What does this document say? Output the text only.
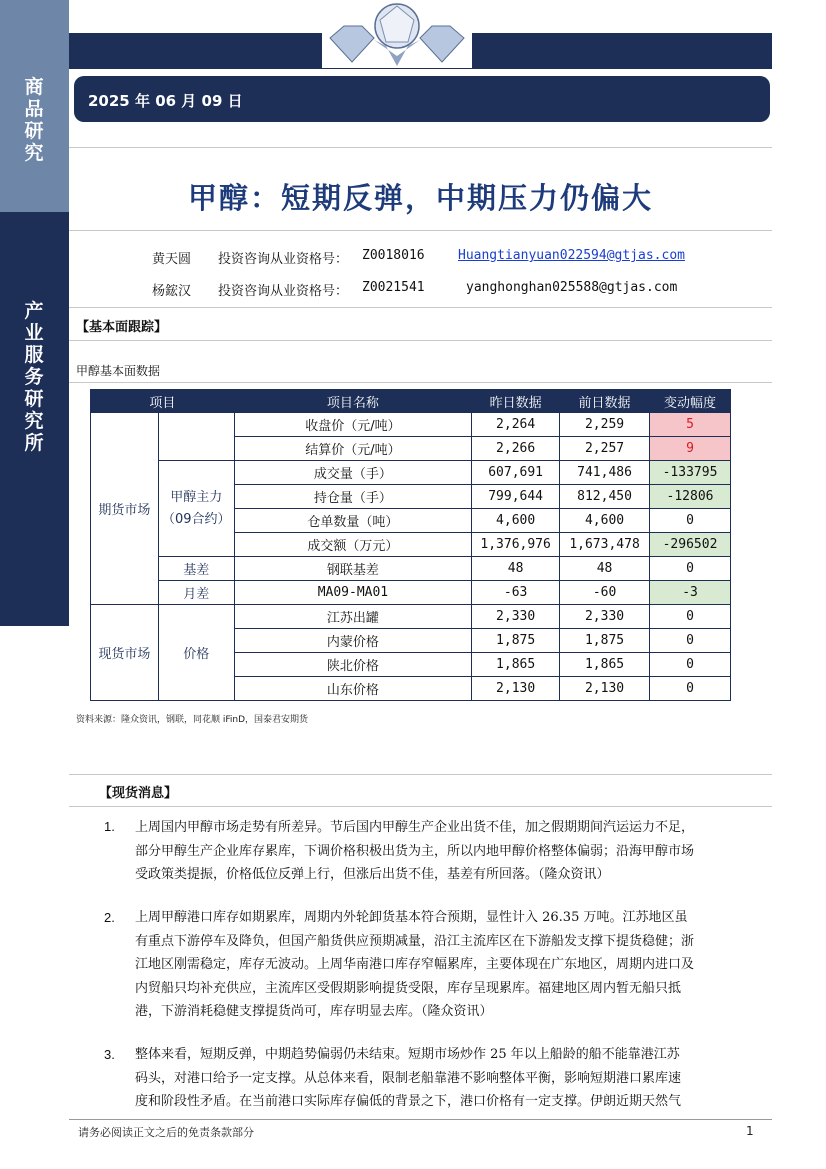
商品研究
产业服务研究所
2025 年 06 月 09 日
甲醇：短期反弹，中期压力仍偏大
黄天圆 投资咨询从业资格号： Z0018016	Huangtianyuan022594@gtjas.com
杨鋐汉 投资咨询从业资格号： Z0021541	yanghonghan025588@gtjas.com
【基本面跟踪】
甲醇基本面数据
项目		项目名称	昨日数据	前日数据	变动幅度
期货市场		收盘价（元/吨）	2,264	2,259	5
		结算价（元/吨）	2,266	2,257	9
	甲醇主力（09合约）	成交量（手）	607,691	741,486	-133795
		持仓量（手）	799,644	812,450	-12806
		仓单数量（吨）	4,600	4,600	0
		成交额（万元）	1,376,976	1,673,478	-296502
	基差	钢联基差	48	48	0
	月差	MA09-MA01	-63	-60	-3
现货市场	价格	江苏出罐	2,330	2,330	0
		内蒙价格	1,875	1,875	0
		陕北价格	1,865	1,865	0
		山东价格	2,130	2,130	0
资料来源：隆众资讯，钢联，同花顺 iFinD，国泰君安期货
【现货消息】
1. 上周国内甲醇市场走势有所差异。节后国内甲醇生产企业出货不佳，加之假期期间汽运运力不足，
部分甲醇生产企业库存累库，下调价格积极出货为主，所以内地甲醇价格整体偏弱；沿海甲醇市场
受政策类提振，价格低位反弹上行，但涨后出货不佳，基差有所回落。（隆众资讯）
2. 上周甲醇港口库存如期累库，周期内外轮卸货基本符合预期，显性计入 26.35 万吨。江苏地区虽
有重点下游停车及降负，但国产船货供应预期减量，沿江主流库区在下游船发支撑下提货稳健；浙
江地区刚需稳定，库存无波动。上周华南港口库存窄幅累库，主要体现在广东地区，周期内进口及
内贸船只均补充供应，主流库区受假期影响提货受限，库存呈现累库。福建地区周内暂无船只抵
港，下游消耗稳健支撑提货尚可，库存明显去库。（隆众资讯）
3. 整体来看，短期反弹，中期趋势偏弱仍未结束。短期市场炒作 25 年以上船龄的船不能靠港江苏
码头，对港口给予一定支撑。从总体来看，限制老船靠港不影响整体平衡，影响短期港口累库速
度和阶段性矛盾。在当前港口实际库存偏低的背景之下，港口价格有一定支撑。伊朗近期天然气
请务必阅读正文之后的免责条款部分	1
